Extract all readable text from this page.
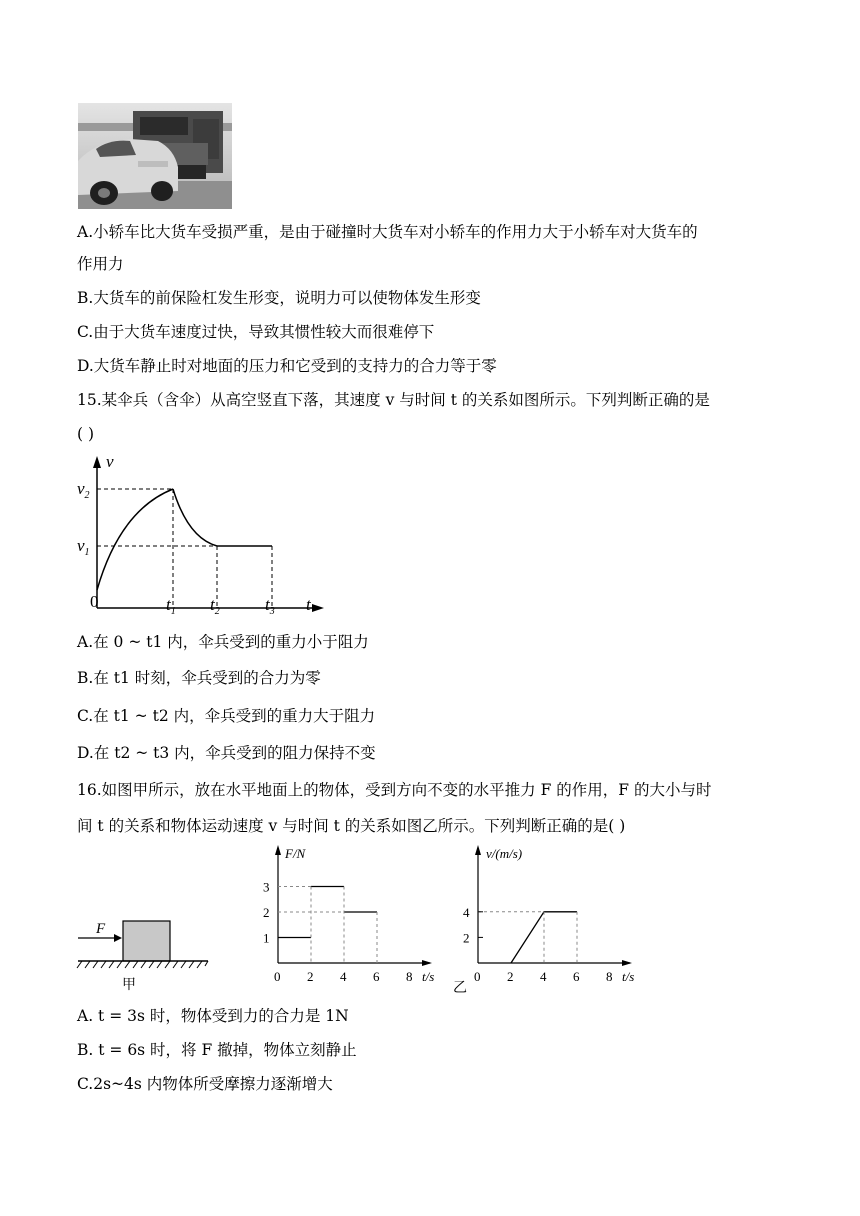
A.小轿车比大货车受损严重，是由于碰撞时大货车对小轿车的作用力大于小轿车对大货车的
作用力
B.大货车的前保险杠发生形变，说明力可以使物体发生形变
C.由于大货车速度过快，导致其惯性较大而很难停下
D.大货车静止时对地面的压力和它受到的支持力的合力等于零
15.某伞兵（含伞）从高空竖直下落，其速度 v 与时间 t 的关系如图所示。下列判断正确的是
( )
v
t
0
$v_2$
$v_1$
$t_1$ $t_2$	$t_3$
A.在 0 ~ t1 内，伞兵受到的重力小于阻力
B.在 t1 时刻，伞兵受到的合力为零
C.在 t1 ~ t2 内，伞兵受到的重力大于阻力
D.在 t2 ~ t3 内，伞兵受到的阻力保持不变
16.如图甲所示，放在水平地面上的物体，受到方向不变的水平推力 F 的作用，F 的大小与时
间 t 的关系和物体运动速度 v 与时间 t 的关系如图乙所示。下列判断正确的是( )
F
甲
0 2 4 6 8
1
2
3
t/s
F/N
0 2 4 6 8
2
4
t/s
v/(m/s)
乙
A. t = 3s 时，物体受到力的合力是 1N
B. t = 6s 时，将 F 撤掉，物体立刻静止
C.2s~4s 内物体所受摩擦力逐渐增大
